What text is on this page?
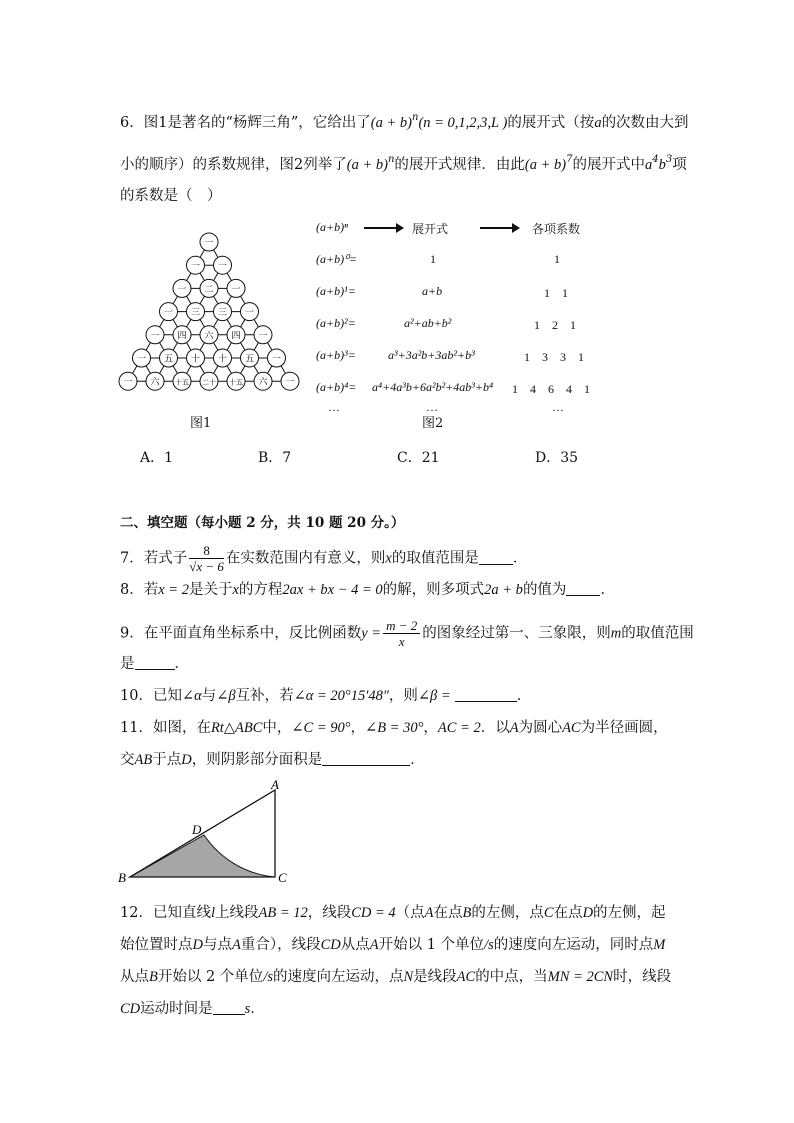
6．图1是著名的“杨辉三角”，它给出了$(a + b)^n(n = 0,1,2,3,L$ )的展开式（按a的次数由大到
小的顺序）的系数规律，图2列举了$(a + b)^n$的展开式规律．由此$(a + b)^7$的展开式中$a^4b^3$项
的系数是（　）
一
一 一
一 二 一
一 三 三 一
一 四 六 四 一
一 五 十 十 五 一
一 六 十五 二十 十五 六 一
图1
(a+b)ⁿ	展开式	各项系数
(a+b)⁰=	1	1
(a+b)¹=	a+b	1　1
(a+b)²=	a²+ab+b²	1　2　1
(a+b)³=	a³+3a²b+3ab²+b³	1　3　3　1
(a+b)⁴= a⁴+4a³b+6a²b²+4ab³+b⁴ 1　4　6　4　1
…	…	…
图2
A．1	B．7	C．21	D．35
二、填空题（每小题 2 分，共 10 题 20 分。）
7．若式子 $\frac{8}{√x - 6}$ 在实数范围内有意义，则x的取值范围是 ．
8．若x = 2是关于x的方程2ax + bx − 4 = 0的解，则多项式2a + b的值为 ．
9．在平面直角坐标系中，反比例函数$y = \frac{m - 2}{x}$ 的图象经过第一、三象限，则m的取值范围
是	．
10．已知∠α与∠β互补，若∠α = 20°15′48″，则∠β =	．
11．如图，在Rt△ABC中，∠C = 90°，∠B = 30°，AC = 2．以A为圆心AC为半径画圆，
交AB于点D，则阴影部分面积是	．
A
B	C
D
12．已知直线l上线段AB = 12，线段CD = 4（点A在点B的左侧，点C在点D的左侧，起
始位置时点D与点A重合），线段CD从点A开始以 1 个单位/s的速度向左运动，同时点M
从点B开始以 2 个单位/s的速度向左运动，点N是线段AC的中点，当MN = 2CN时，线段
CD运动时间是 s．
